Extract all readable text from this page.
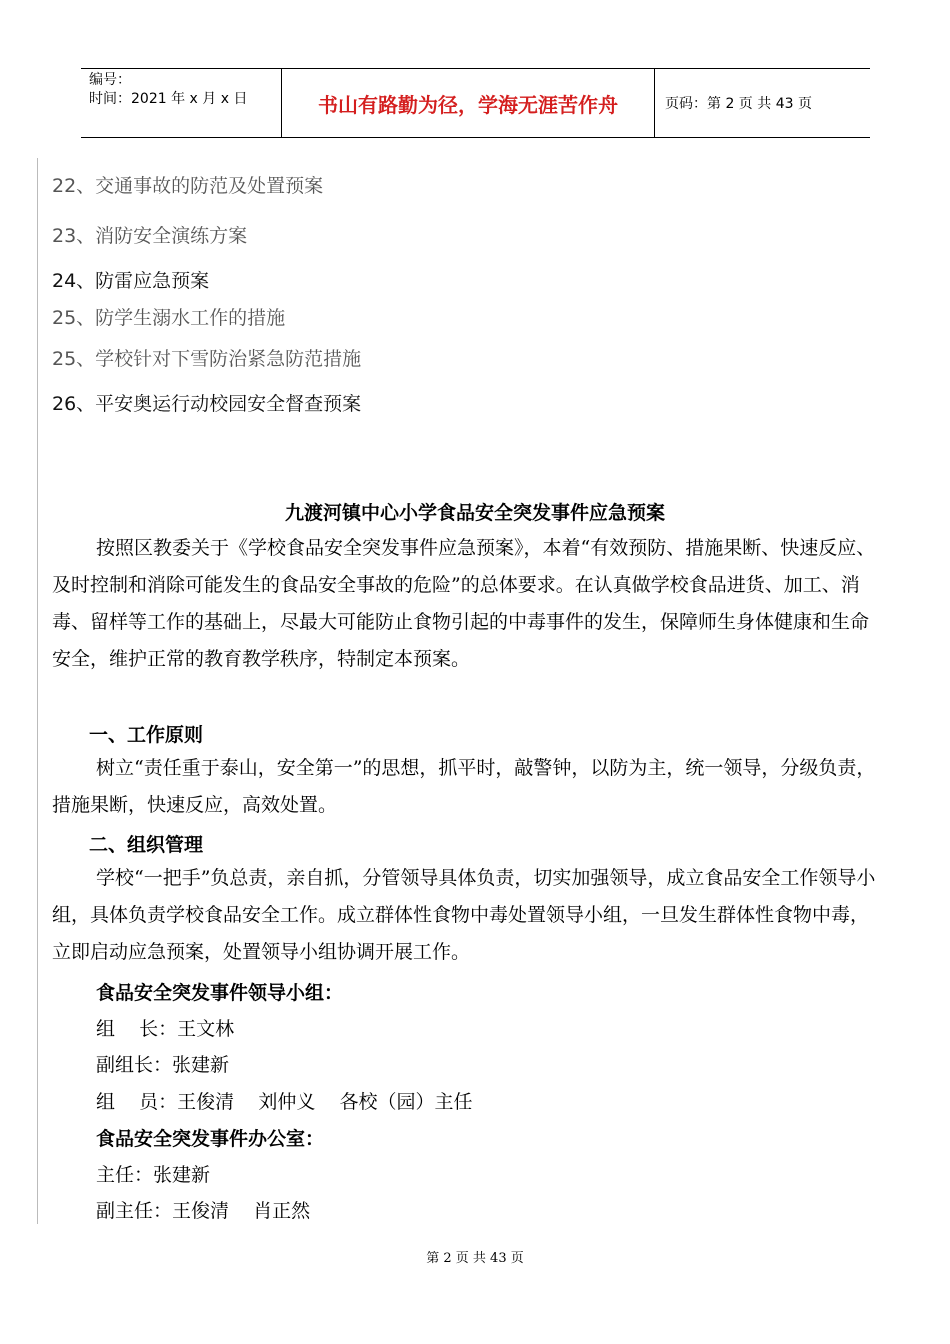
编号：
时间：2021 年 x 月 x 日	书山有路勤为径，学海无涯苦作舟	页码：第 2 页 共 43 页
22、交通事故的防范及处置预案
23、消防安全演练方案
24、防雷应急预案
25、防学生溺水工作的措施
25、学校针对下雪防治紧急防范措施
26、平安奥运行动校园安全督查预案
九渡河镇中心小学食品安全突发事件应急预案
按照区教委关于《学校食品安全突发事件应急预案》，本着“有效预防、措施果断、快速反应、及时控制和消除可能发生的食品安全事故的危险”的总体要求。在认真做学校食品进货、加工、消毒、留样等工作的基础上，尽最大可能防止食物引起的中毒事件的发生，保障师生身体健康和生命安全，维护正常的教育教学秩序，特制定本预案。
一、工作原则
树立“责任重于泰山，安全第一”的思想，抓平时，敲警钟，以防为主，统一领导，分级负责，措施果断，快速反应，高效处置。
二、组织管理
学校“一把手”负总责，亲自抓，分管领导具体负责，切实加强领导，成立食品安全工作领导小组，具体负责学校食品安全工作。成立群体性食物中毒处置领导小组，一旦发生群体性食物中毒，立即启动应急预案，处置领导小组协调开展工作。
食品安全突发事件领导小组：
组    长：王文林
副组长：张建新
组    员：王俊清    刘仲义    各校（园）主任
食品安全突发事件办公室：
主任：张建新
副主任：王俊清    肖正然
第 2 页 共 43 页
